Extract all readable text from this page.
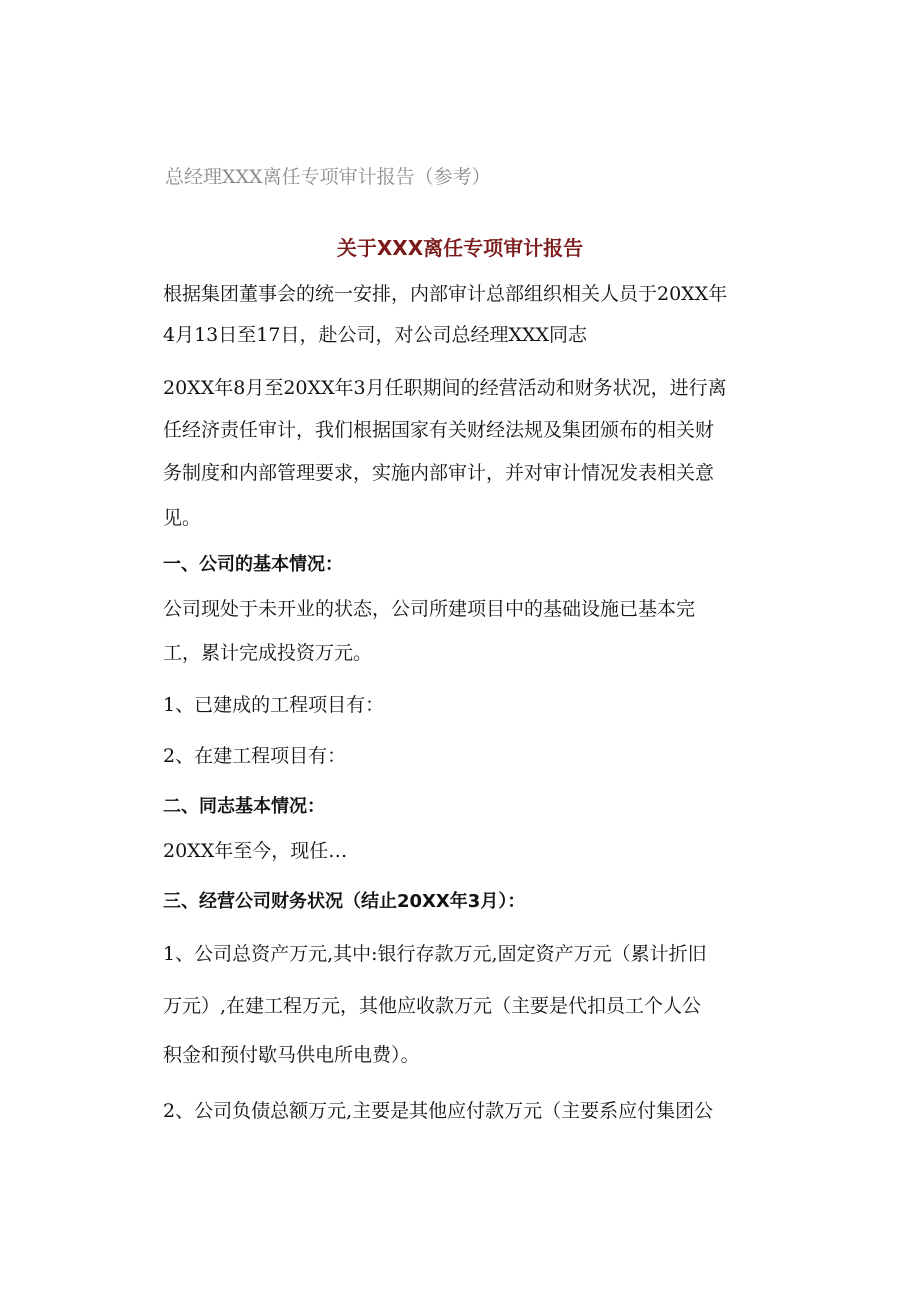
总经理XXX离任专项审计报告（参考）
关于XXX离任专项审计报告
根据集团董事会的统一安排，内部审计总部组织相关人员于20XX年
4月13日至17日，赴公司，对公司总经理XXX同志
20XX年8月至20XX年3月任职期间的经营活动和财务状况，进行离
任经济责任审计，我们根据国家有关财经法规及集团颁布的相关财
务制度和内部管理要求，实施内部审计，并对审计情况发表相关意
见。
一、公司的基本情况：
公司现处于未开业的状态，公司所建项目中的基础设施已基本完
工，累计完成投资万元。
1、已建成的工程项目有：
2、在建工程项目有：
二、同志基本情况：
20XX年至今，现任…
三、经营公司财务状况（结止20XX年3月）：
1、公司总资产万元,其中:银行存款万元,固定资产万元（累计折旧
万元）,在建工程万元，其他应收款万元（主要是代扣员工个人公
积金和预付歇马供电所电费）。
2、公司负债总额万元,主要是其他应付款万元（主要系应付集团公
